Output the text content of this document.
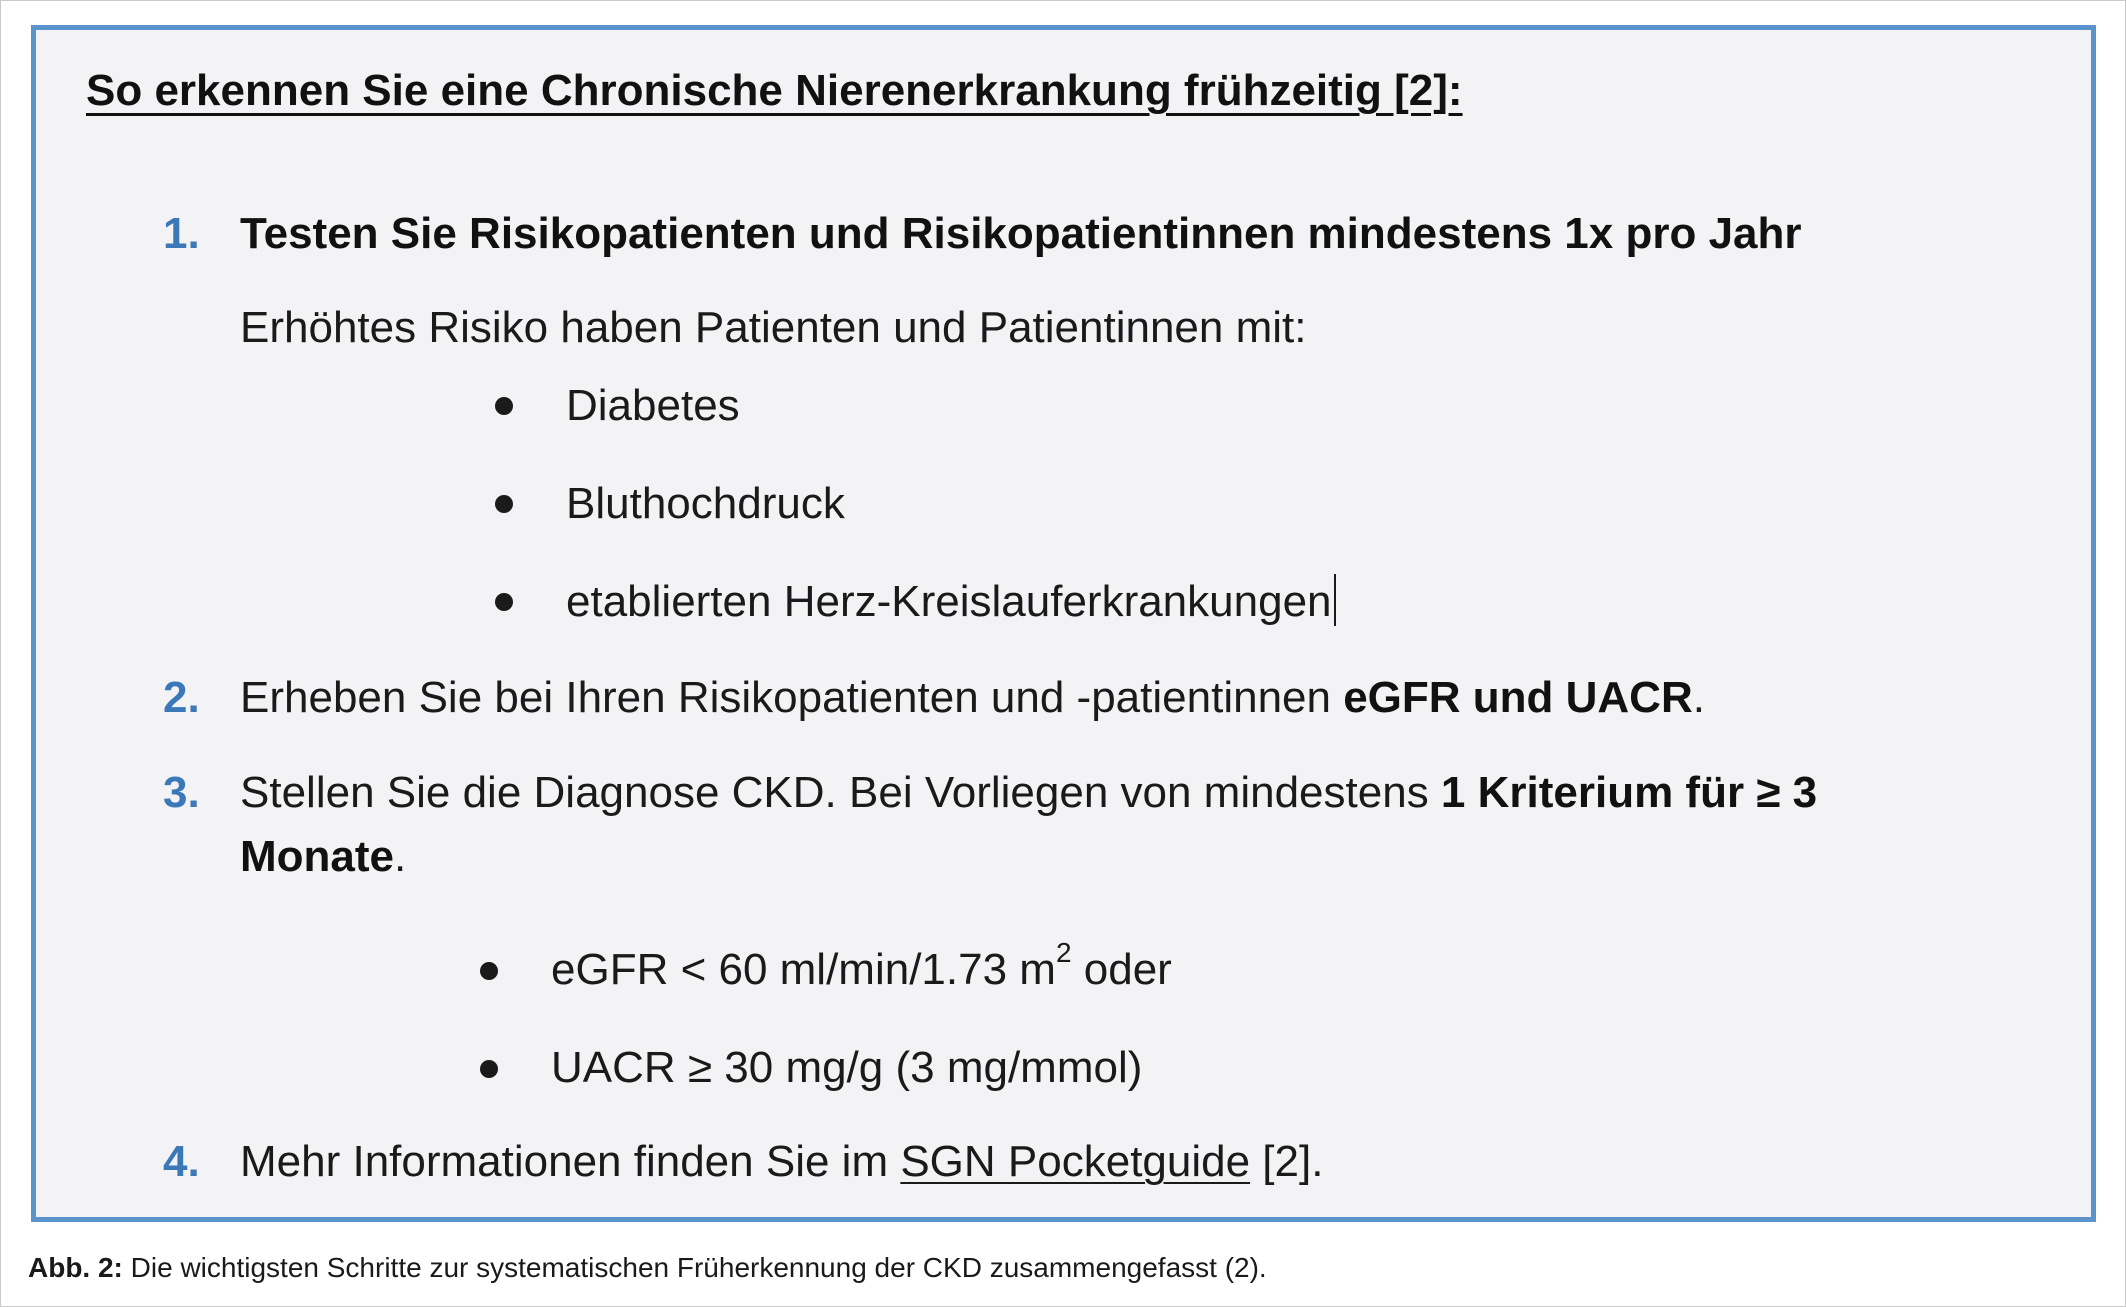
So erkennen Sie eine Chronische Nierenerkrankung frühzeitig [2]:
1. Testen Sie Risikopatienten und Risikopatientinnen mindestens 1x pro Jahr
Erhöhtes Risiko haben Patienten und Patientinnen mit:
Diabetes
Bluthochdruck
etablierten Herz-Kreislauferkrankungen
2. Erheben Sie bei Ihren Risikopatienten und -patientinnen eGFR und UACR.
3. Stellen Sie die Diagnose CKD. Bei Vorliegen von mindestens 1 Kriterium für ≥ 3
Monate.
eGFR < 60 ml/min/1.73 $m^2$ oder
UACR ≥ 30 mg/g (3 mg/mmol)
4. Mehr Informationen finden Sie im SGN Pocketguide [2].
Abb. 2: Die wichtigsten Schritte zur systematischen Früherkennung der CKD zusammengefasst (2).
